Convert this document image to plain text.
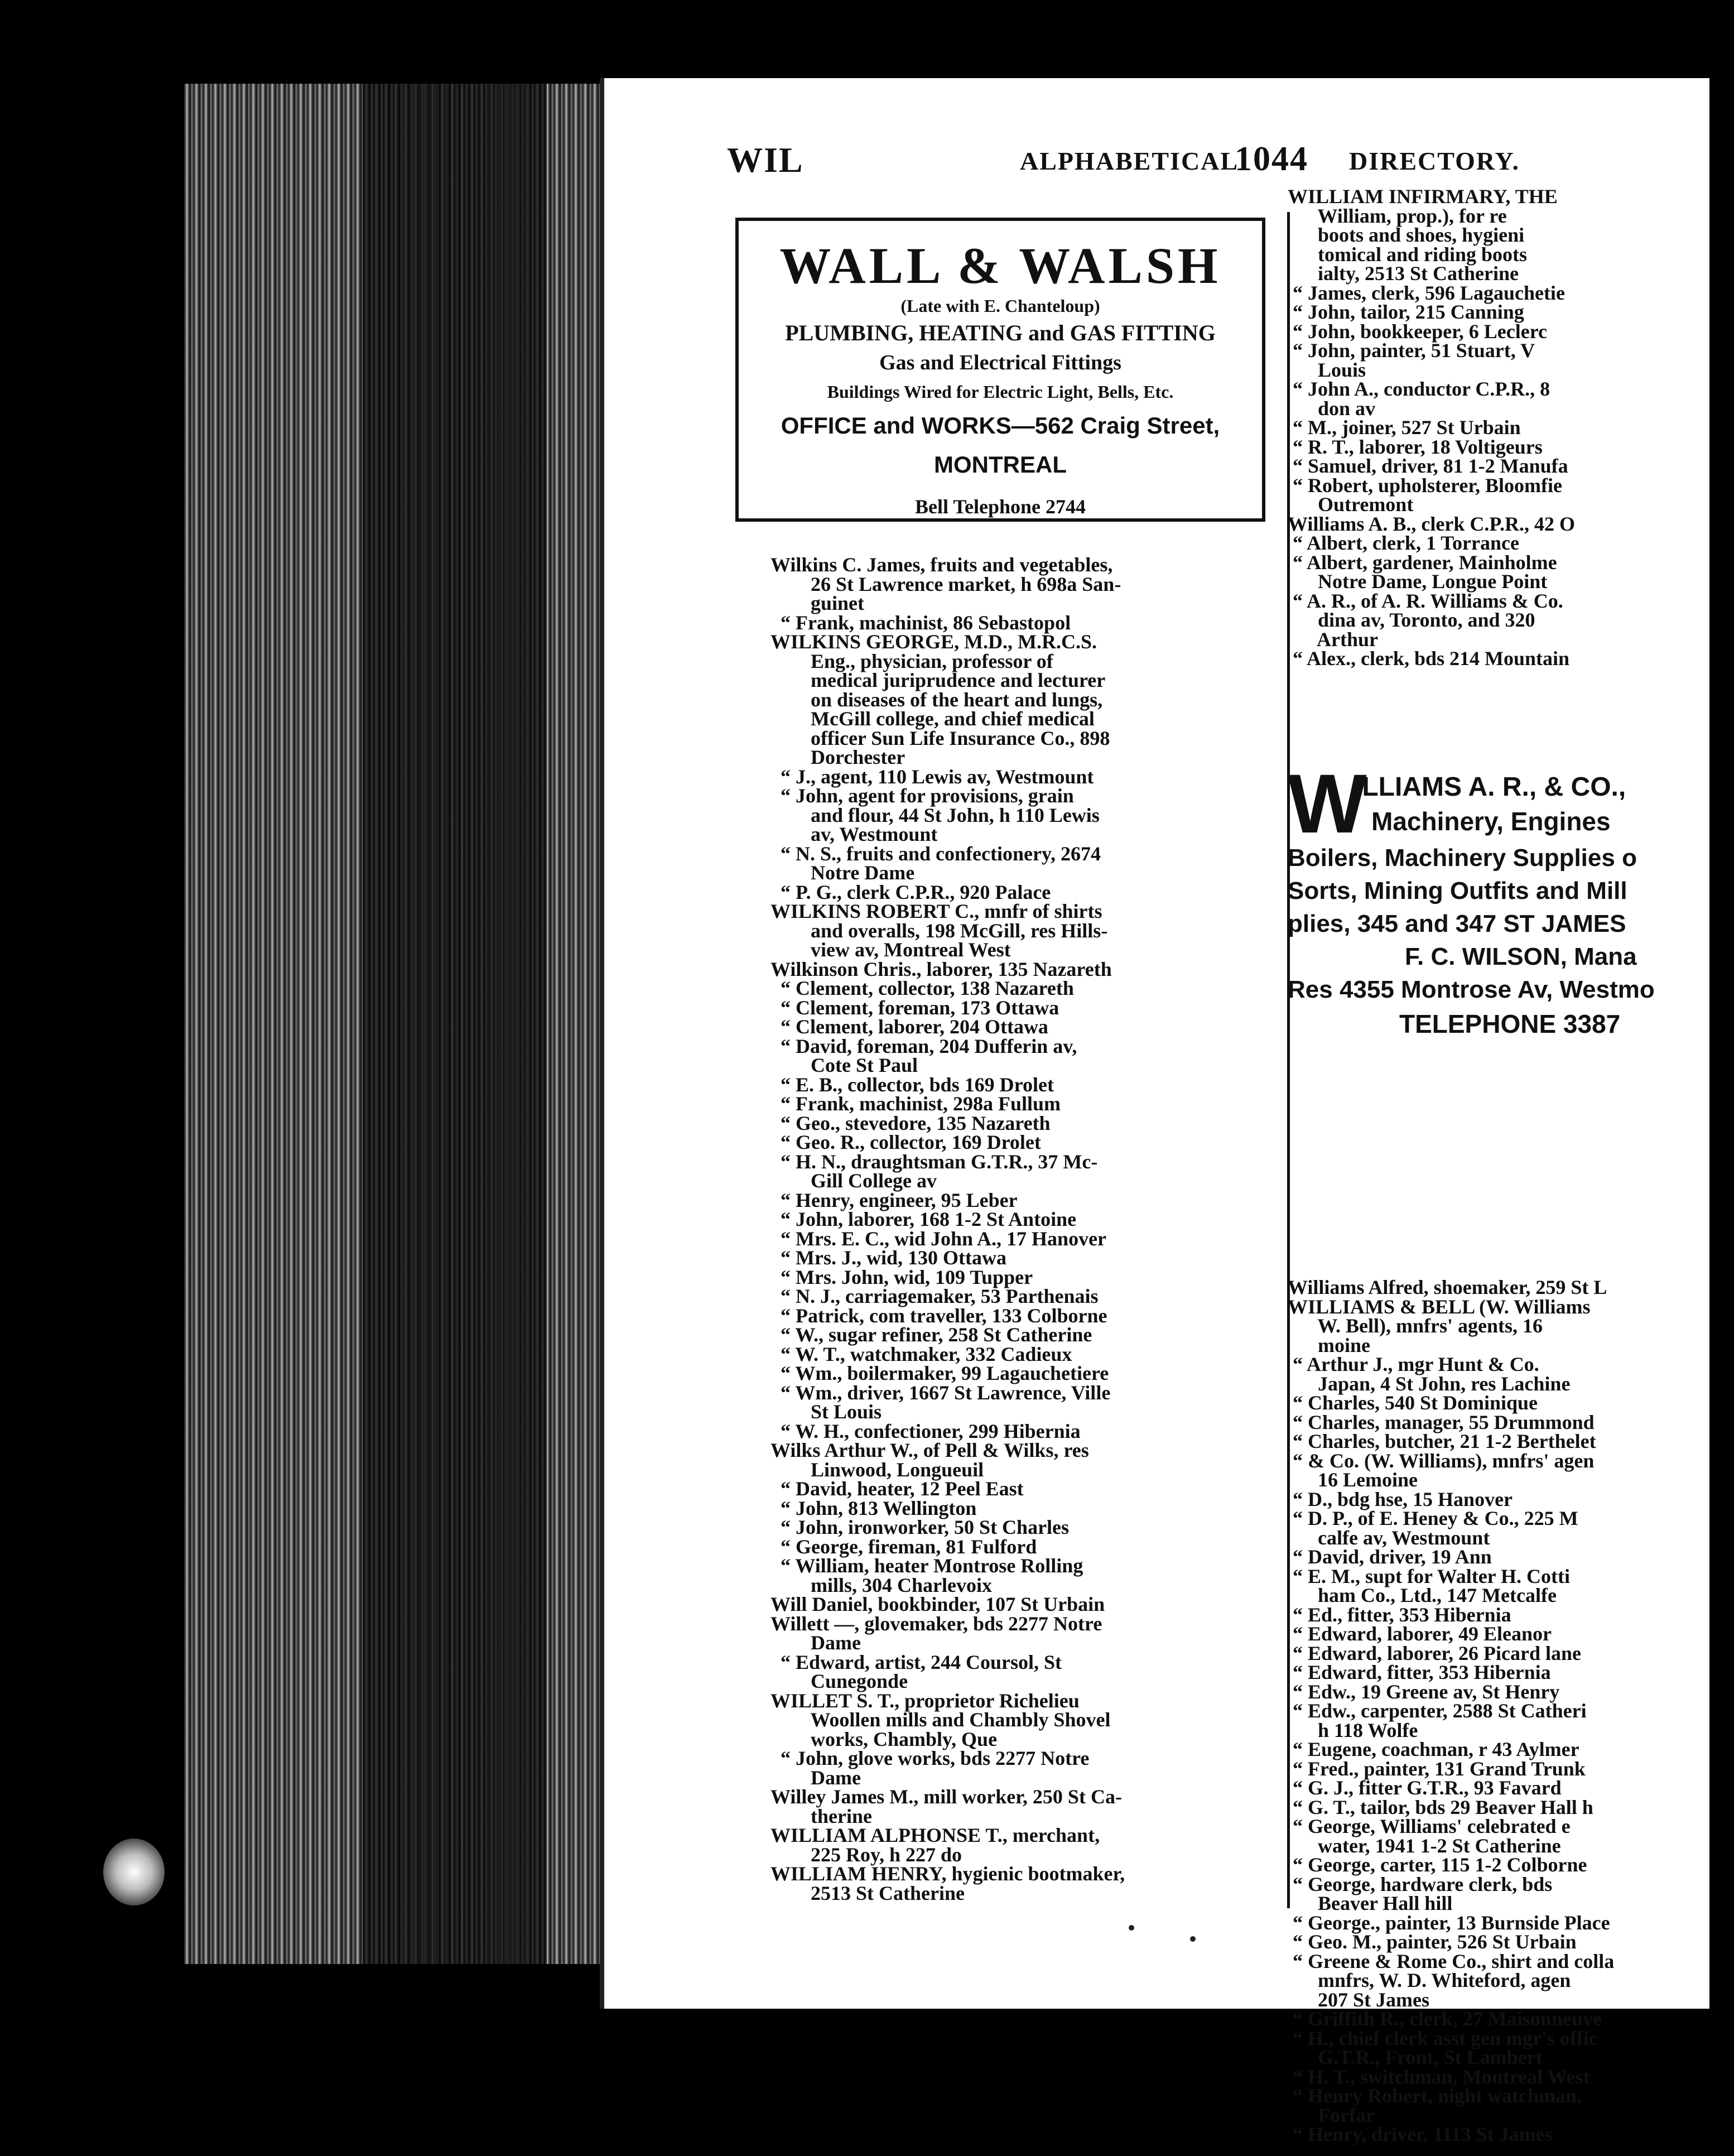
WIL	ALPHABETICAL
1044 DIRECTORY.
WALL & WALSH
(Late with E. Chanteloup)
PLUMBING, HEATING and GAS FITTING
Gas and Electrical Fittings
Buildings Wired for Electric Light, Bells, Etc.
OFFICE and WORKS—562 Craig Street, MONTREAL
Bell Telephone 2744
Wilkins C. James, fruits and vegetables,
26 St Lawrence market, h 698a San-
guinet
“ Frank, machinist, 86 Sebastopol
WILKINS GEORGE, M.D., M.R.C.S.
Eng., physician, professor of
medical juriprudence and lecturer
on diseases of the heart and lungs,
McGill college, and chief medical
officer Sun Life Insurance Co., 898
Dorchester
“ J., agent, 110 Lewis av, Westmount
“ John, agent for provisions, grain
and flour, 44 St John, h 110 Lewis
av, Westmount
“ N. S., fruits and confectionery, 2674
Notre Dame
“ P. G., clerk C.P.R., 920 Palace
WILKINS ROBERT C., mnfr of shirts
and overalls, 198 McGill, res Hills-
view av, Montreal West
Wilkinson Chris., laborer, 135 Nazareth
“ Clement, collector, 138 Nazareth
“ Clement, foreman, 173 Ottawa
“ Clement, laborer, 204 Ottawa
“ David, foreman, 204 Dufferin av,
Cote St Paul
“ E. B., collector, bds 169 Drolet
“ Frank, machinist, 298a Fullum
“ Geo., stevedore, 135 Nazareth
“ Geo. R., collector, 169 Drolet
“ H. N., draughtsman G.T.R., 37 Mc-
Gill College av
“ Henry, engineer, 95 Leber
“ John, laborer, 168 1-2 St Antoine
“ Mrs. E. C., wid John A., 17 Hanover
“ Mrs. J., wid, 130 Ottawa
“ Mrs. John, wid, 109 Tupper
“ N. J., carriagemaker, 53 Parthenais
“ Patrick, com traveller, 133 Colborne
“ W., sugar refiner, 258 St Catherine
“ W. T., watchmaker, 332 Cadieux
“ Wm., boilermaker, 99 Lagauchetiere
“ Wm., driver, 1667 St Lawrence, Ville
St Louis
“ W. H., confectioner, 299 Hibernia
Wilks Arthur W., of Pell & Wilks, res
Linwood, Longueuil
“ David, heater, 12 Peel East
“ John, 813 Wellington
“ John, ironworker, 50 St Charles
“ George, fireman, 81 Fulford
“ William, heater Montrose Rolling
mills, 304 Charlevoix
Will Daniel, bookbinder, 107 St Urbain
Willett —, glovemaker, bds 2277 Notre
Dame
“ Edward, artist, 244 Coursol, St
Cunegonde
WILLET S. T., proprietor Richelieu
Woollen mills and Chambly Shovel
works, Chambly, Que
“ John, glove works, bds 2277 Notre
Dame
Willey James M., mill worker, 250 St Ca-
therine
WILLIAM ALPHONSE T., merchant,
225 Roy, h 227 do
WILLIAM HENRY, hygienic bootmaker,
2513 St Catherine
WILLIAM INFIRMARY, THE
William, prop.), for re
boots and shoes, hygieni
tomical and riding boots
ialty, 2513 St Catherine
“ James, clerk, 596 Lagauchetie
“ John, tailor, 215 Canning
“ John, bookkeeper, 6 Leclerc
“ John, painter, 51 Stuart, V
Louis
“ John A., conductor C.P.R., 8
don av
“ M., joiner, 527 St Urbain
“ R. T., laborer, 18 Voltigeurs
“ Samuel, driver, 81 1-2 Manufa
“ Robert, upholsterer, Bloomfie
Outremont
Williams A. B., clerk C.P.R., 42 O
“ Albert, clerk, 1 Torrance
“ Albert, gardener, Mainholme
Notre Dame, Longue Point
“ A. R., of A. R. Williams & Co.
dina av, Toronto, and 320
Arthur
“ Alex., clerk, bds 214 Mountain
W
ILLIAMS A. R., & CO.,
Machinery, Engines
Boilers, Machinery Supplies o
Sorts, Mining Outfits and Mill
plies, 345 and 347 ST JAMES
F. C. WILSON, Mana
Res 4355 Montrose Av, Westmo
TELEPHONE 3387
Williams Alfred, shoemaker, 259 St L
WILLIAMS & BELL (W. Williams
W. Bell), mnfrs' agents, 16
moine
“ Arthur J., mgr Hunt & Co.
Japan, 4 St John, res Lachine
“ Charles, 540 St Dominique
“ Charles, manager, 55 Drummond
“ Charles, butcher, 21 1-2 Berthelet
“ & Co. (W. Williams), mnfrs' agen
16 Lemoine
“ D., bdg hse, 15 Hanover
“ D. P., of E. Heney & Co., 225 M
calfe av, Westmount
“ David, driver, 19 Ann
“ E. M., supt for Walter H. Cotti
ham Co., Ltd., 147 Metcalfe
“ Ed., fitter, 353 Hibernia
“ Edward, laborer, 49 Eleanor
“ Edward, laborer, 26 Picard lane
“ Edward, fitter, 353 Hibernia
“ Edw., 19 Greene av, St Henry
“ Edw., carpenter, 2588 St Catheri
h 118 Wolfe
“ Eugene, coachman, r 43 Aylmer
“ Fred., painter, 131 Grand Trunk
“ G. J., fitter G.T.R., 93 Favard
“ G. T., tailor, bds 29 Beaver Hall h
“ George, Williams' celebrated e
water, 1941 1-2 St Catherine
“ George, carter, 115 1-2 Colborne
“ George, hardware clerk, bds
Beaver Hall hill
“ George., painter, 13 Burnside Place
“ Geo. M., painter, 526 St Urbain
“ Greene & Rome Co., shirt and colla
mnfrs, W. D. Whiteford, agen
207 St James
“ Griffith R., clerk, 27 Maisonneuve
“ H., chief clerk asst gen mgr's offic
G.T.R., Front, St Lambert
“ H. T., switchman, Montreal West
“ Henry Robert, night watchman,
Forfar
“ Henry, driver, 1113 St James
